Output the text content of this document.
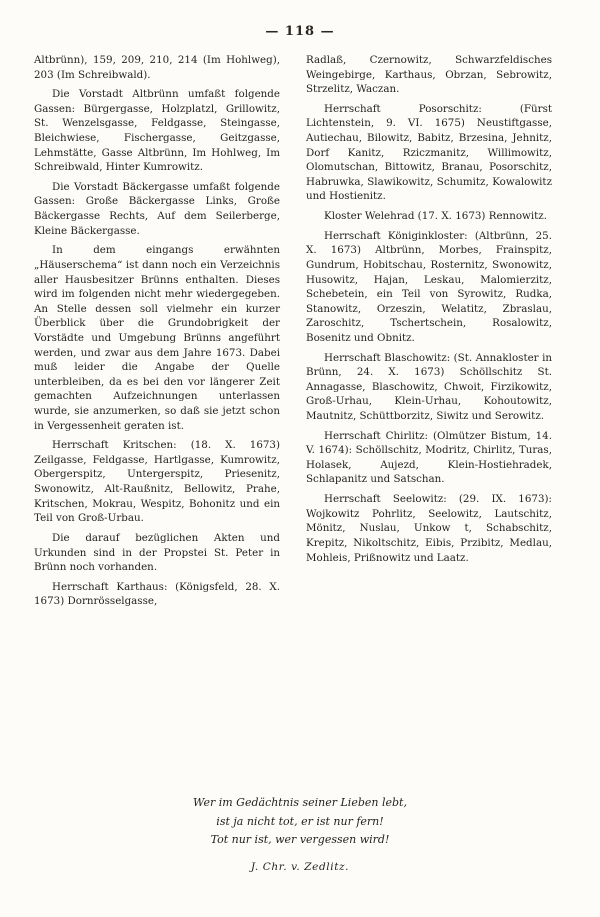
— 118 —

Altbrünn), 159, 209, 210, 214 (Im Hohlweg), 203 (Im Schreibwald).

Die Vorstadt Altbrünn umfaßt folgende Gassen: Bürgergasse, Holzplatzl, Grillowitz, St. Wenzelsgasse, Feldgasse, Steingasse, Bleichwiese, Fischergasse, Geitzgasse, Lehmstätte, Gasse Altbrünn, Im Hohlweg, Im Schreibwald, Hinter Kumrowitz.

Die Vorstadt Bäckergasse umfaßt folgende Gassen: Große Bäckergasse Links, Große Bäckergasse Rechts, Auf dem Seilerberge, Kleine Bäckergasse.

In dem eingangs erwähnten „Häuserschema“ ist dann noch ein Verzeichnis aller Hausbesitzer Brünns enthalten. Dieses wird im folgenden nicht mehr wiedergegeben. An Stelle dessen soll vielmehr ein kurzer Überblick über die Grundobrigkeit der Vorstädte und Umgebung Brünns angeführt werden, und zwar aus dem Jahre 1673. Dabei muß leider die Angabe der Quelle unterbleiben, da es bei den vor längerer Zeit gemachten Aufzeichnungen unterlassen wurde, sie anzumerken, so daß sie jetzt schon in Vergessenheit geraten ist.

Herrschaft Kritschen: (18. X. 1673) Zeilgasse, Feldgasse, Hartlgasse, Kumrowitz, Obergerspitz, Untergerspitz, Priesenitz, Swonowitz, Alt-Raußnitz, Bellowitz, Prahe, Kritschen, Mokrau, Wespitz, Bohonitz und ein Teil von Groß-Urbau.

Die darauf bezüglichen Akten und Urkunden sind in der Propstei St. Peter in Brünn noch vorhanden.

Herrschaft Karthaus: (Königsfeld, 28. X. 1673) Dornrösselgasse,

Radlaß, Czernowitz, Schwarzfeldisches Weingebirge, Karthaus, Obrzan, Sebrowitz, Strzelitz, Waczan.

Herrschaft Posorschitz: (Fürst Lichtenstein, 9. VI. 1675) Neustiftgasse, Autiechau, Bilowitz, Babitz, Brzesina, Jehnitz, Dorf Kanitz, Rziczmanitz, Willimowitz, Olomutschan, Bittowitz, Branau, Posorschitz, Habruwka, Slawikowitz, Schumitz, Kowalowitz und Hostienitz.

Kloster Welehrad (17. X. 1673) Rennowitz.

Herrschaft Königinkloster: (Altbrünn, 25. X. 1673) Altbrünn, Morbes, Frainspitz, Gundrum, Hobitschau, Rosternitz, Swonowitz, Husowitz, Hajan, Leskau, Malomierzitz, Schebetein, ein Teil von Syrowitz, Rudka, Stanowitz, Orzeszin, Welatitz, Zbraslau, Zaroschitz, Tschertschein, Rosalowitz, Bosenitz und Obnitz.

Herrschaft Blaschowitz: (St. Annakloster in Brünn, 24. X. 1673) Schöllschitz St. Annagasse, Blaschowitz, Chwoit, Firzikowitz, Groß-Urhau, Klein-Urhau, Kohoutowitz, Mautnitz, Schüttborzitz, Siwitz und Serowitz.

Herrschaft Chirlitz: (Olmützer Bistum, 14. V. 1674): Schöllschitz, Modritz, Chirlitz, Turas, Holasek, Aujezd, Klein-Hostiehradek, Schlapanitz und Satschan.

Herrschaft Seelowitz: (29. IX. 1673): Wojkowitz Pohrlitz, Seelowitz, Lautschitz, Mönitz, Nuslau, Unkow t, Schabschitz, Krepitz, Nikoltschitz, Eibis, Przibitz, Medlau, Mohleis, Prißnowitz und Laatz.

Wer im Gedächtnis seiner Lieben lebt,
ist ja nicht tot, er ist nur fern!
Tot nur ist, wer vergessen wird!
J. Chr. v. Zedlitz.
